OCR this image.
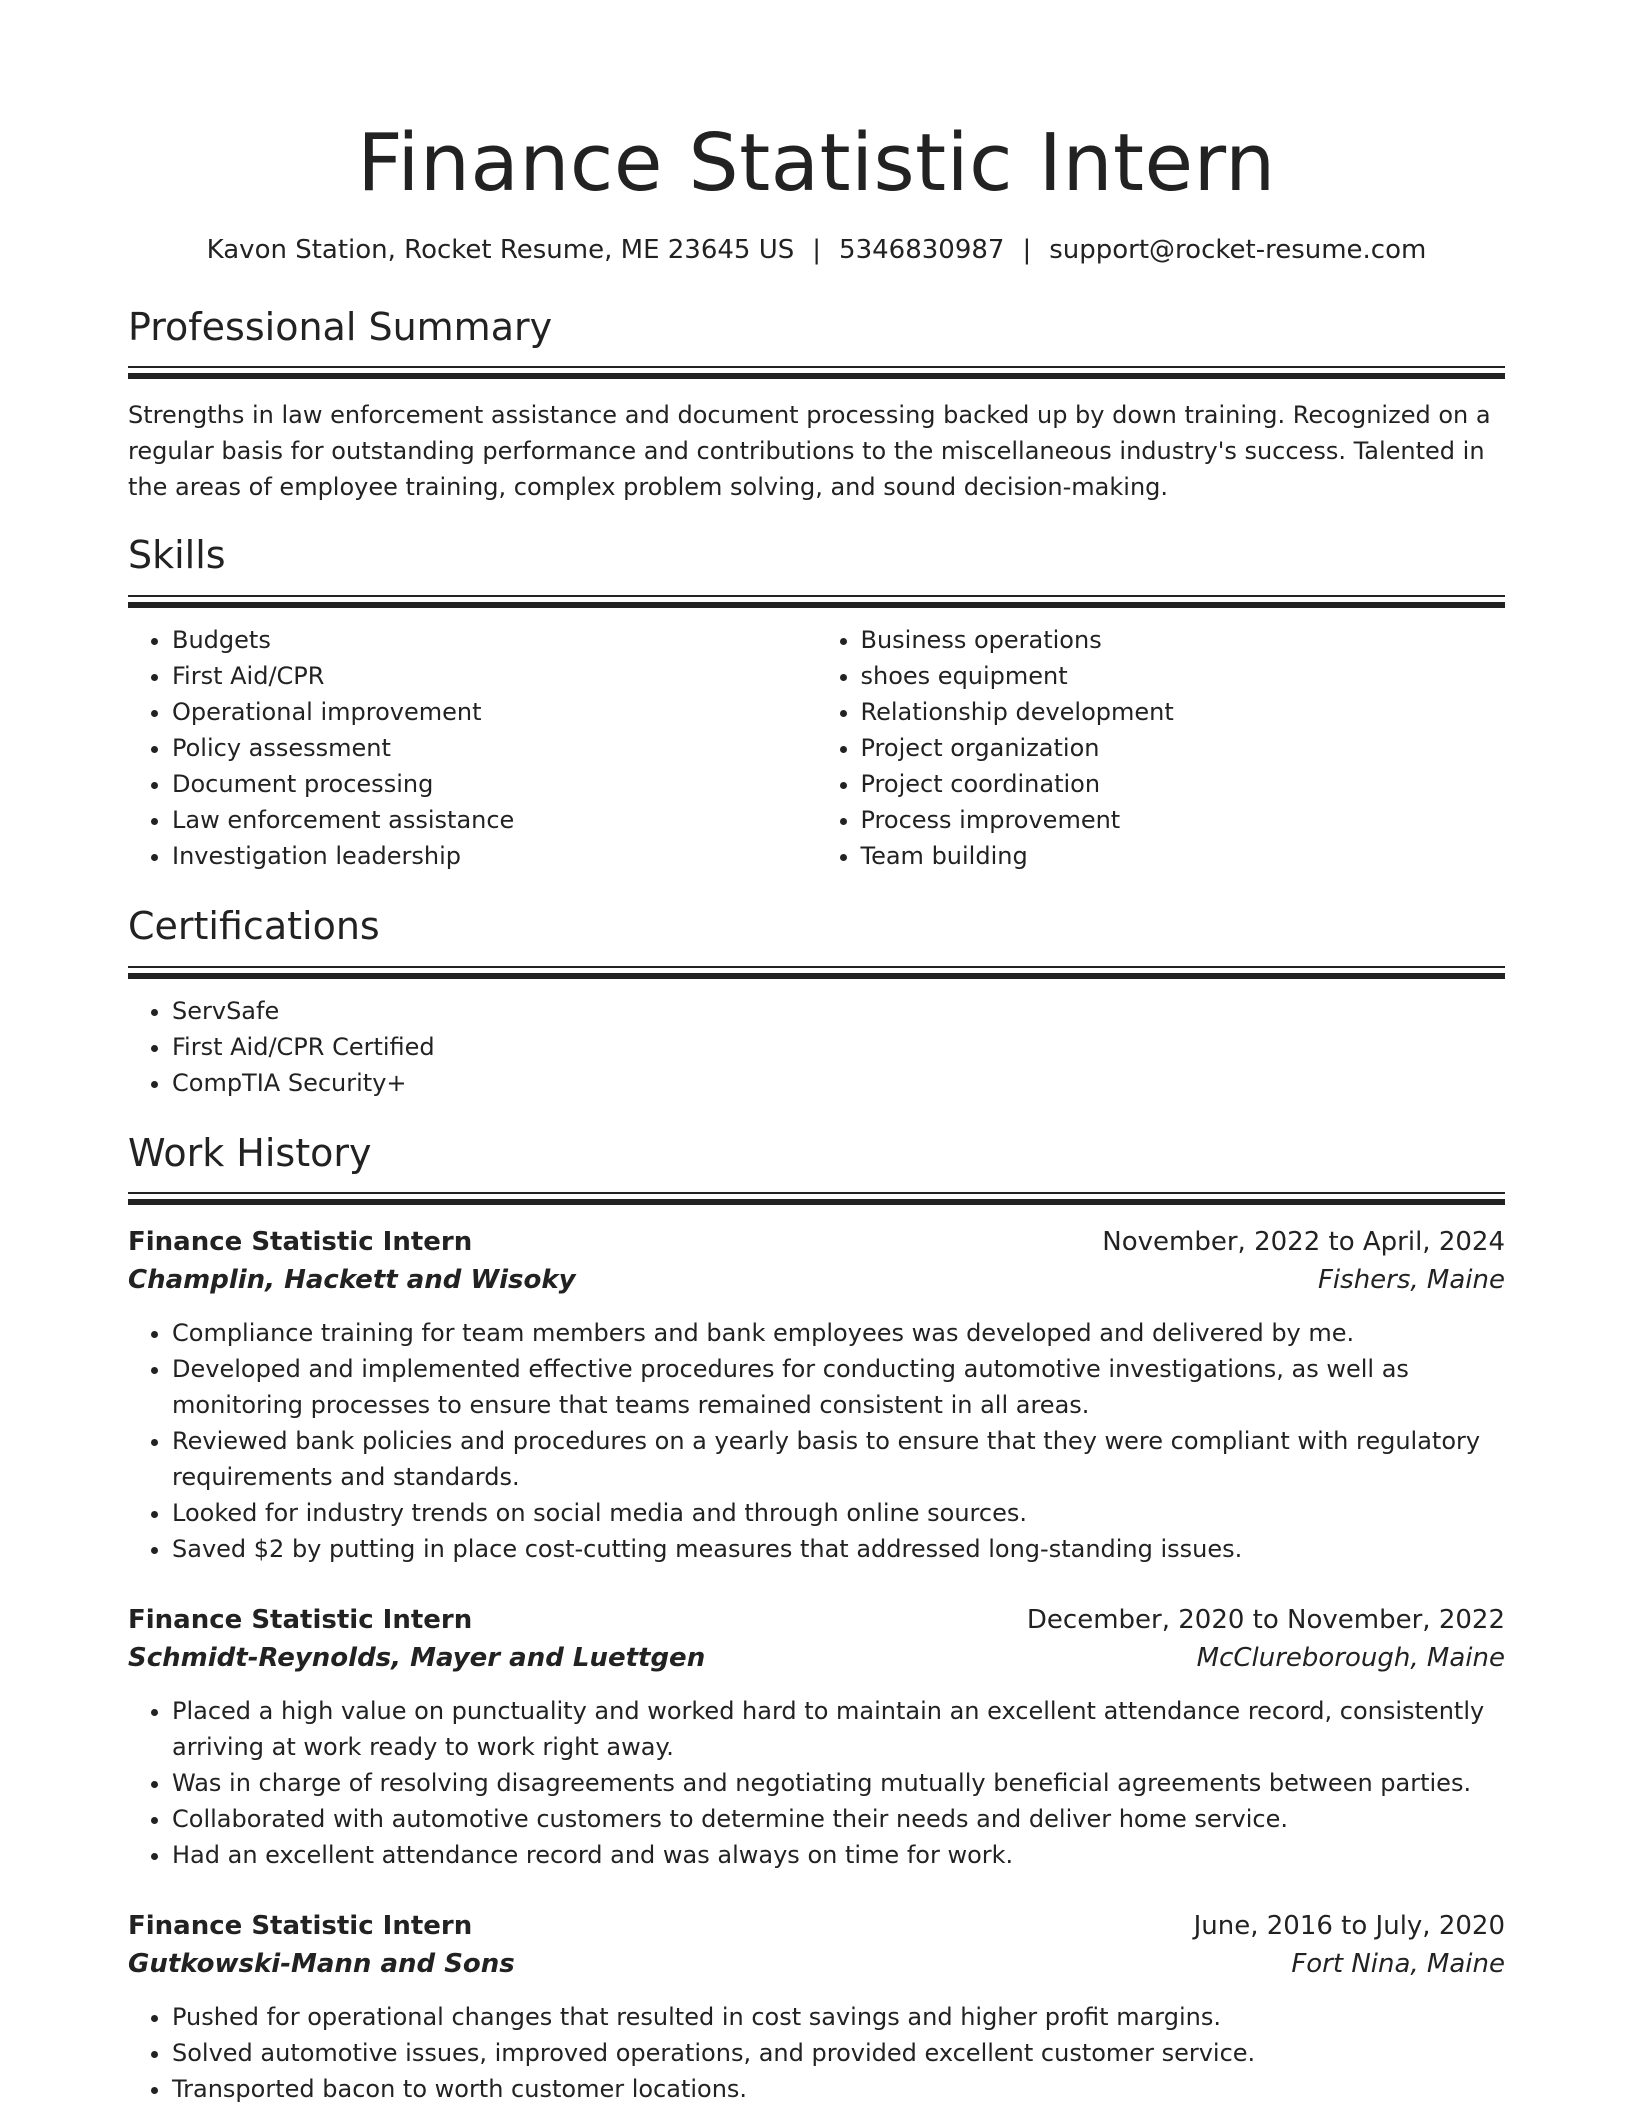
Finance Statistic Intern
Kavon Station, Rocket Resume, ME 23645 US | 5346830987 | support@rocket-resume.com
Professional Summary
Strengths in law enforcement assistance and document processing backed up by down training. Recognized on a regular basis for outstanding performance and contributions to the miscellaneous industry's success. Talented in the areas of employee training, complex problem solving, and sound decision-making.
Skills
• Budgets
• First Aid/CPR
• Operational improvement
• Policy assessment
• Document processing
• Law enforcement assistance
• Investigation leadership
• Business operations
• shoes equipment
• Relationship development
• Project organization
• Project coordination
• Process improvement
• Team building
Certifications
• ServSafe
• First Aid/CPR Certified
• CompTIA Security+
Work History
Finance Statistic Intern	November, 2022 to April, 2024
Champlin, Hackett and Wisoky	Fishers, Maine
• Compliance training for team members and bank employees was developed and delivered by me.
• Developed and implemented effective procedures for conducting automotive investigations, as well as monitoring processes to ensure that teams remained consistent in all areas.
• Reviewed bank policies and procedures on a yearly basis to ensure that they were compliant with regulatory requirements and standards.
• Looked for industry trends on social media and through online sources.
• Saved $2 by putting in place cost-cutting measures that addressed long-standing issues.
Finance Statistic Intern	December, 2020 to November, 2022
Schmidt-Reynolds, Mayer and Luettgen	McClureborough, Maine
• Placed a high value on punctuality and worked hard to maintain an excellent attendance record, consistently arriving at work ready to work right away.
• Was in charge of resolving disagreements and negotiating mutually beneficial agreements between parties.
• Collaborated with automotive customers to determine their needs and deliver home service.
• Had an excellent attendance record and was always on time for work.
Finance Statistic Intern	June, 2016 to July, 2020
Gutkowski-Mann and Sons	Fort Nina, Maine
• Pushed for operational changes that resulted in cost savings and higher profit margins.
• Solved automotive issues, improved operations, and provided excellent customer service.
• Transported bacon to worth customer locations.
